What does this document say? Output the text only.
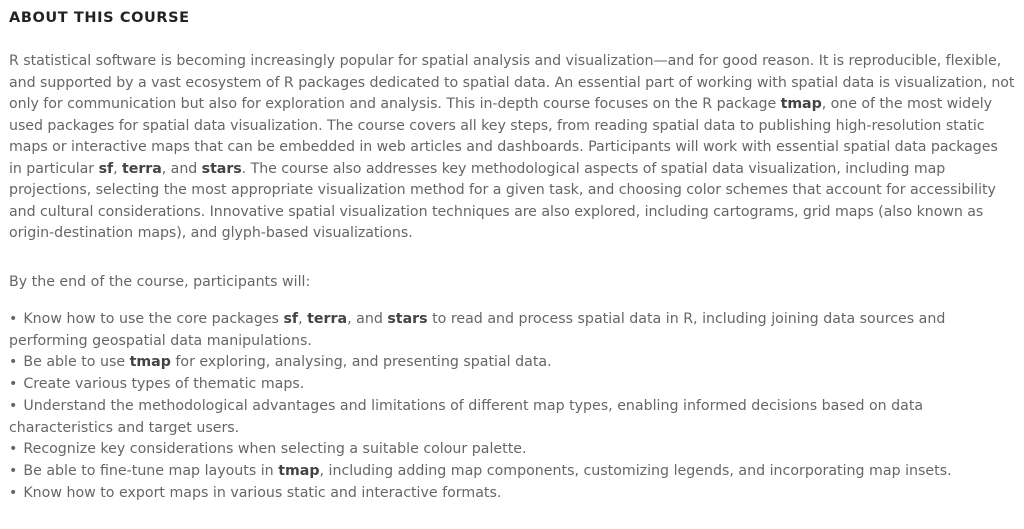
ABOUT THIS COURSE

R statistical software is becoming increasingly popular for spatial analysis and visualization—and for good reason. It is reproducible, flexible, and supported by a vast ecosystem of R packages dedicated to spatial data. An essential part of working with spatial data is visualization, not only for communication but also for exploration and analysis. This in-depth course focuses on the R package tmap, one of the most widely used packages for spatial data visualization. The course covers all key steps, from reading spatial data to publishing high-resolution static maps or interactive maps that can be embedded in web articles and dashboards. Participants will work with essential spatial data packages in particular sf, terra, and stars. The course also addresses key methodological aspects of spatial data visualization, including map projections, selecting the most appropriate visualization method for a given task, and choosing color schemes that account for accessibility and cultural considerations. Innovative spatial visualization techniques are also explored, including cartograms, grid maps (also known as origin-destination maps), and glyph-based visualizations.

By the end of the course, participants will:

• Know how to use the core packages sf, terra, and stars to read and process spatial data in R, including joining data sources and performing geospatial data manipulations.
• Be able to use tmap for exploring, analysing, and presenting spatial data.
• Create various types of thematic maps.
• Understand the methodological advantages and limitations of different map types, enabling informed decisions based on data characteristics and target users.
• Recognize key considerations when selecting a suitable colour palette.
• Be able to fine-tune map layouts in tmap, including adding map components, customizing legends, and incorporating map insets.
• Know how to export maps in various static and interactive formats.
